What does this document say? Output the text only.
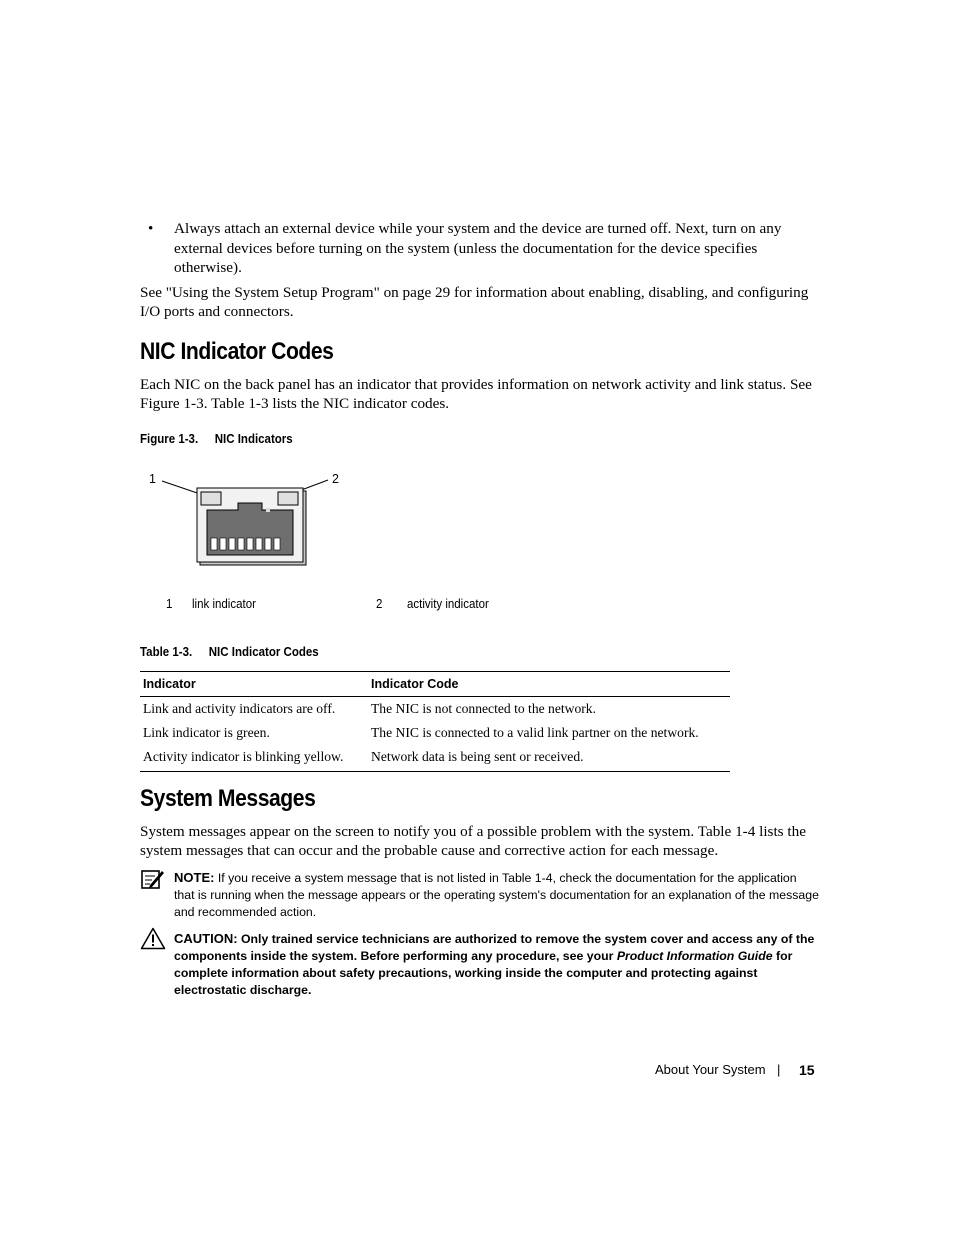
• Always attach an external device while your system and the device are turned off. Next, turn on any external devices before turning on the system (unless the documentation for the device specifies otherwise).
See "Using the System Setup Program" on page 29 for information about enabling, disabling, and configuring I/O ports and connectors.
NIC Indicator Codes
Each NIC on the back panel has an indicator that provides information on network activity and link status. See Figure 1-3. Table 1-3 lists the NIC indicator codes.
Figure 1-3. NIC Indicators
1	2
1 link indicator	2 activity indicator
Table 1-3. NIC Indicator Codes
Indicator	Indicator Code
Link and activity indicators are off.	The NIC is not connected to the network.
Link indicator is green.	The NIC is connected to a valid link partner on the network.
Activity indicator is blinking yellow.	Network data is being sent or received.
System Messages
System messages appear on the screen to notify you of a possible problem with the system. Table 1-4 lists the system messages that can occur and the probable cause and corrective action for each message.
NOTE: If you receive a system message that is not listed in Table 1-4, check the documentation for the application that is running when the message appears or the operating system's documentation for an explanation of the message and recommended action.
CAUTION: Only trained service technicians are authorized to remove the system cover and access any of the components inside the system. Before performing any procedure, see your Product Information Guide for complete information about safety precautions, working inside the computer and protecting against electrostatic discharge.
About Your System | 15
